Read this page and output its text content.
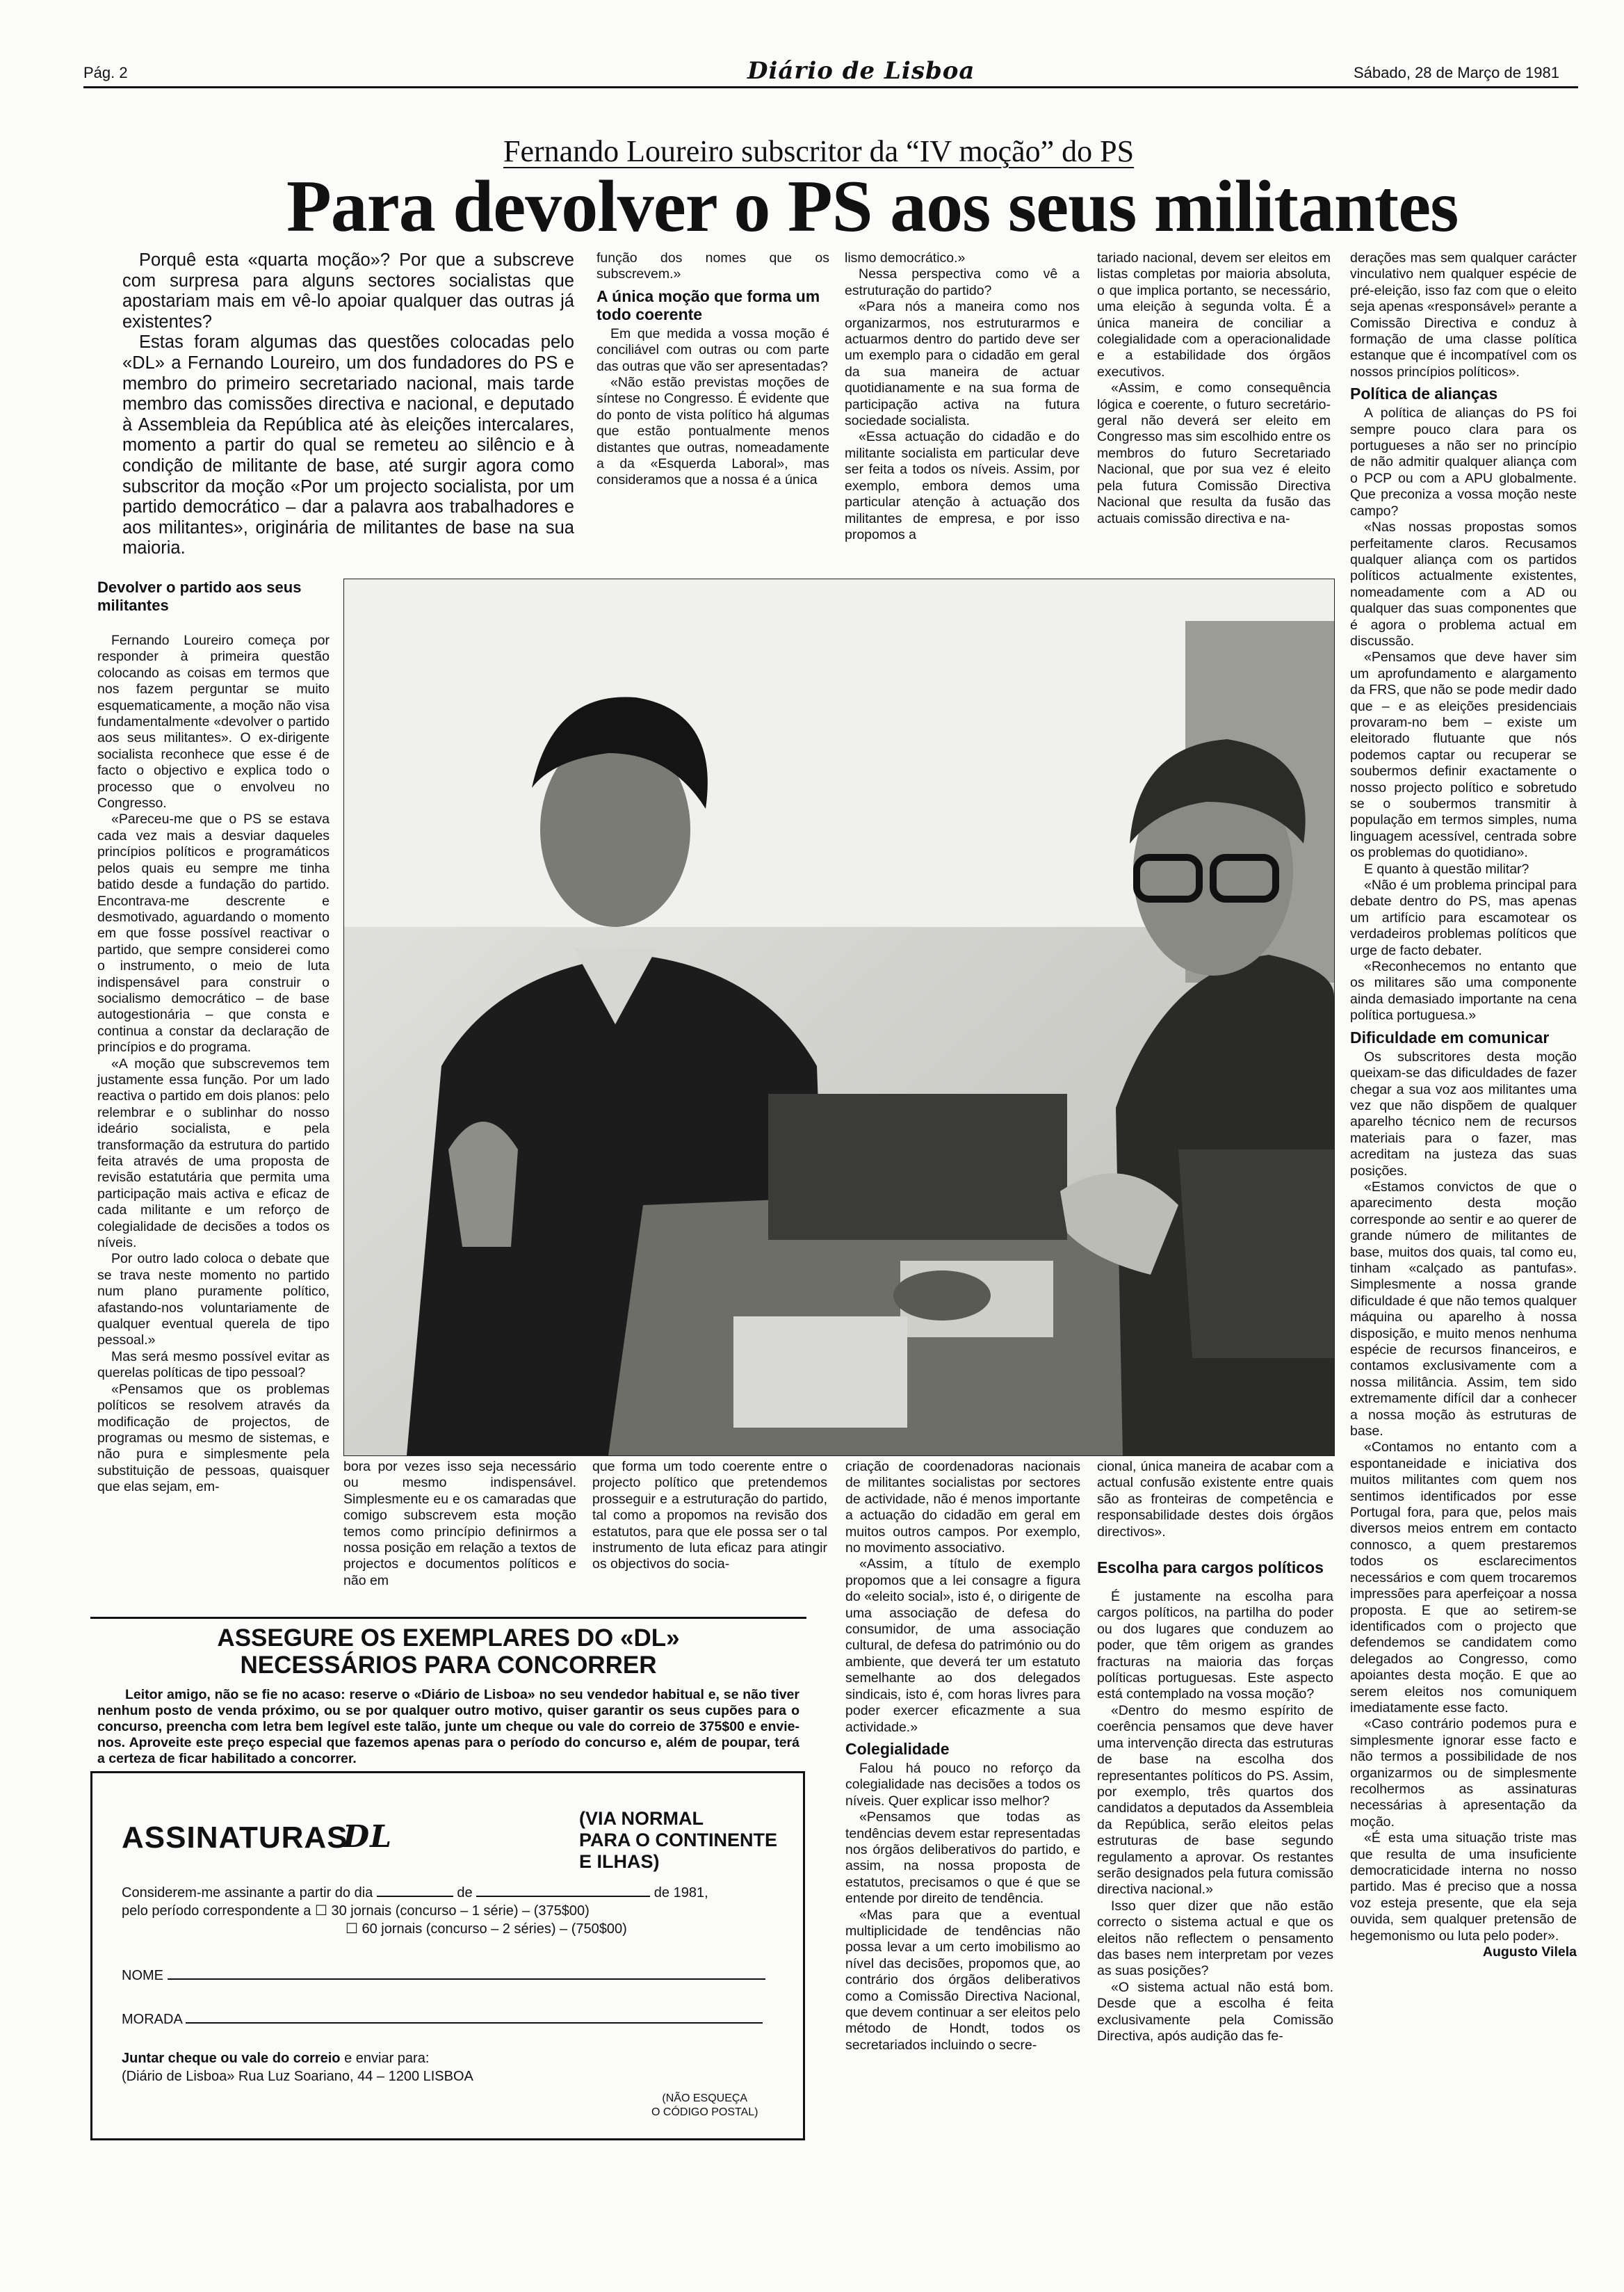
Pág. 2	Diário de Lisboa	Sábado, 28 de Março de 1981
Fernando Loureiro subscritor da “IV moção” do PS
Para devolver o PS aos seus militantes

Porquê esta «quarta moção»? Por que a subscreve com surpresa para alguns sectores socialistas que apostariam mais em vê-lo apoiar qualquer das outras já existentes?

Estas foram algumas das questões colocadas pelo «DL» a Fernando Loureiro, um dos fundadores do PS e membro do primeiro secretariado nacional, mais tarde membro das comissões directiva e nacional, e deputado à Assembleia da República até às eleições intercalares, momento a partir do qual se remeteu ao silêncio e à condição de militante de base, até surgir agora como subscritor da moção «Por um projecto socialista, por um partido democrático – dar a palavra aos trabalhadores e aos militantes», originária de militantes de base na sua maioria.

função dos nomes que os subscrevem.»

A única moção que forma um todo coerente

Em que medida a vossa moção é conciliável com outras ou com parte das outras que vão ser apresentadas?

«Não estão previstas moções de síntese no Congresso. É evidente que do ponto de vista político há algumas que estão pontualmente menos distantes que outras, nomeadamente a da «Esquerda Laboral», mas consideramos que a nossa é a única

lismo democrático.»

Nessa perspectiva como vê a estruturação do partido?

«Para nós a maneira como nos organizarmos, nos estruturarmos e actuarmos dentro do partido deve ser um exemplo para o cidadão em geral da sua maneira de actuar quotidianamente e na sua forma de participação activa na futura sociedade socialista.

«Essa actuação do cidadão e do militante socialista em particular deve ser feita a todos os níveis. Assim, por exemplo, embora demos uma particular atenção à actuação dos militantes de empresa, e por isso propomos a

tariado nacional, devem ser eleitos em listas completas por maioria absoluta, o que implica portanto, se necessário, uma eleição à segunda volta. É a única maneira de conciliar a colegialidade com a operacionalidade e a estabilidade dos órgãos executivos.

«Assim, e como consequência lógica e coerente, o futuro secretário-geral não deverá ser eleito em Congresso mas sim escolhido entre os membros do futuro Secretariado Nacional, que por sua vez é eleito pela futura Comissão Directiva Nacional que resulta da fusão das actuais comissão directiva e na-

Devolver o partido aos seus militantes

Fernando Loureiro começa por responder à primeira questão colocando as coisas em termos que nos fazem perguntar se muito esquematicamente, a moção não visa fundamentalmente «devolver o partido aos seus militantes». O ex-dirigente socialista reconhece que esse é de facto o objectivo e explica todo o processo que o envolveu no Congresso.

«Pareceu-me que o PS se estava cada vez mais a desviar daqueles princípios políticos e programáticos pelos quais eu sempre me tinha batido desde a fundação do partido. Encontrava-me descrente e desmotivado, aguardando o momento em que fosse possível reactivar o partido, que sempre considerei como o instrumento, o meio de luta indispensável para construir o socialismo democrático – de base autogestionária – que consta e continua a constar da declaração de princípios e do programa.

«A moção que subscrevemos tem justamente essa função. Por um lado reactiva o partido em dois planos: pelo relembrar e o sublinhar do nosso ideário socialista, e pela transformação da estrutura do partido feita através de uma proposta de revisão estatutária que permita uma participação mais activa e eficaz de cada militante e um reforço de colegialidade de decisões a todos os níveis.

Por outro lado coloca o debate que se trava neste momento no partido num plano puramente político, afastando-nos voluntariamente de qualquer eventual querela de tipo pessoal.»

Mas será mesmo possível evitar as querelas políticas de tipo pessoal?

«Pensamos que os problemas políticos se resolvem através da modificação de projectos, de programas ou mesmo de sistemas, e não pura e simplesmente pela substituição de pessoas, quaisquer que elas sejam, em-

derações mas sem qualquer carácter vinculativo nem qualquer espécie de pré-eleição, isso faz com que o eleito seja apenas «responsável» perante a Comissão Directiva e conduz à formação de uma classe política estanque que é incompatível com os nossos princípios políticos».

Política de alianças

A política de alianças do PS foi sempre pouco clara para os portugueses a não ser no princípio de não admitir qualquer aliança com o PCP ou com a APU globalmente. Que preconiza a vossa moção neste campo?

«Nas nossas propostas somos perfeitamente claros. Recusamos qualquer aliança com os partidos políticos actualmente existentes, nomeadamente com a AD ou qualquer das suas componentes que é agora o problema actual em discussão.

«Pensamos que deve haver sim um aprofundamento e alargamento da FRS, que não se pode medir dado que – e as eleições presidenciais provaram-no bem – existe um eleitorado flutuante que nós podemos captar ou recuperar se soubermos definir exactamente o nosso projecto político e sobretudo se o soubermos transmitir à população em termos simples, numa linguagem acessível, centrada sobre os problemas do quotidiano».

E quanto à questão militar?

«Não é um problema principal para debate dentro do PS, mas apenas um artifício para escamotear os verdadeiros problemas políticos que urge de facto debater.

«Reconhecemos no entanto que os militares são uma componente ainda demasiado importante na cena política portuguesa.»

Dificuldade em comunicar

Os subscritores desta moção queixam-se das dificuldades de fazer chegar a sua voz aos militantes uma vez que não dispõem de qualquer aparelho técnico nem de recursos materiais para o fazer, mas acreditam na justeza das suas posições.

«Estamos convictos de que o aparecimento desta moção corresponde ao sentir e ao querer de grande número de militantes de base, muitos dos quais, tal como eu, tinham «calçado as pantufas». Simplesmente a nossa grande dificuldade é que não temos qualquer máquina ou aparelho à nossa disposição, e muito menos nenhuma espécie de recursos financeiros, e contamos exclusivamente com a nossa militância. Assim, tem sido extremamente difícil dar a conhecer a nossa moção às estruturas de base.

«Contamos no entanto com a espontaneidade e iniciativa dos muitos militantes com quem nos sentimos identificados por esse Portugal fora, para que, pelos mais diversos meios entrem em contacto connosco, a quem prestaremos todos os esclarecimentos necessários e com quem trocaremos impressões para aperfeiçoar a nossa proposta. E que ao setirem-se identificados com o projecto que defendemos se candidatem como delegados ao Congresso, como apoiantes desta moção. E que ao serem eleitos nos comuniquem imediatamente esse facto.

«Caso contrário podemos pura e simplesmente ignorar esse facto e não termos a possibilidade de nos organizarmos ou de simplesmente recolhermos as assinaturas necessárias à apresentação da moção.

«É esta uma situação triste mas que resulta de uma insuficiente democraticidade interna no nosso partido. Mas é preciso que a nossa voz esteja presente, que ela seja ouvida, sem qualquer pretensão de hegemonismo ou luta pelo poder».

Augusto Vilela

bora por vezes isso seja necessário ou mesmo indispensável. Simplesmente eu e os camaradas que comigo subscrevem esta moção temos como princípio definirmos a nossa posição em relação a textos de projectos e documentos políticos e não em

que forma um todo coerente entre o projecto político que pretendemos prosseguir e a estruturação do partido, tal como a propomos na revisão dos estatutos, para que ele possa ser o tal instrumento de luta eficaz para atingir os objectivos do socia-

criação de coordenadoras nacionais de militantes socialistas por sectores de actividade, não é menos importante a actuação do cidadão em geral em muitos outros campos. Por exemplo, no movimento associativo.

«Assim, a título de exemplo propomos que a lei consagre a figura do «eleito social», isto é, o dirigente de uma associação de defesa do consumidor, de uma associação cultural, de defesa do património ou do ambiente, que deverá ter um estatuto semelhante ao dos delegados sindicais, isto é, com horas livres para poder exercer eficazmente a sua actividade.»

Colegialidade

Falou há pouco no reforço da colegialidade nas decisões a todos os níveis. Quer explicar isso melhor?

«Pensamos que todas as tendências devem estar representadas nos órgãos deliberativos do partido, e assim, na nossa proposta de estatutos, precisamos o que é que se entende por direito de tendência.

«Mas para que a eventual multiplicidade de tendências não possa levar a um certo imobilismo ao nível das decisões, propomos que, ao contrário dos órgãos deliberativos como a Comissão Directiva Nacional, que devem continuar a ser eleitos pelo método de Hondt, todos os secretariados incluindo o secre-

cional, única maneira de acabar com a actual confusão existente entre quais são as fronteiras de competência e responsabilidade destes dois órgãos directivos».

Escolha para cargos políticos

É justamente na escolha para cargos políticos, na partilha do poder ou dos lugares que conduzem ao poder, que têm origem as grandes fracturas na maioria das forças políticas portuguesas. Este aspecto está contemplado na vossa moção?

«Dentro do mesmo espírito de coerência pensamos que deve haver uma intervenção directa das estruturas de base na escolha dos representantes políticos do PS. Assim, por exemplo, três quartos dos candidatos a deputados da Assembleia da República, serão eleitos pelas estruturas de base segundo regulamento a aprovar. Os restantes serão designados pela futura comissão directiva nacional.»

Isso quer dizer que não estão correcto o sistema actual e que os eleitos não reflectem o pensamento das bases nem interpretam por vezes as suas posições?

«O sistema actual não está bom. Desde que a escolha é feita exclusivamente pela Comissão Directiva, após audição das fe-

ASSEGURE OS EXEMPLARES DO «DL»
NECESSÁRIOS PARA CONCORRER
Leitor amigo, não se fie no acaso: reserve o «Diário de Lisboa» no seu vendedor habitual e, se não tiver nenhum posto de venda próximo, ou se por qualquer outro motivo, quiser garantir os seus cupões para o concurso, preencha com letra bem legível este talão, junte um cheque ou vale do correio de 375$00 e envie-nos. Aproveite este preço especial que fazemos apenas para o período do concurso e, além de poupar, terá a certeza de ficar habilitado a concorrer.
ASSINATURAS
DL
(VIA NORMAL
PARA O CONTINENTE
E ILHAS)
Considerem-me assinante a partir do dia	de	de 1981,
pelo período correspondente a ☐ 30 jornais (concurso – 1 série) – (375$00)
☐ 60 jornais (concurso – 2 séries) – (750$00)
NOME
MORADA
Juntar cheque ou vale do correio e enviar para:
(Diário de Lisboa» Rua Luz Soariano, 44 – 1200 LISBOA
(NÃO ESQUEÇA
O CÓDIGO POSTAL)
